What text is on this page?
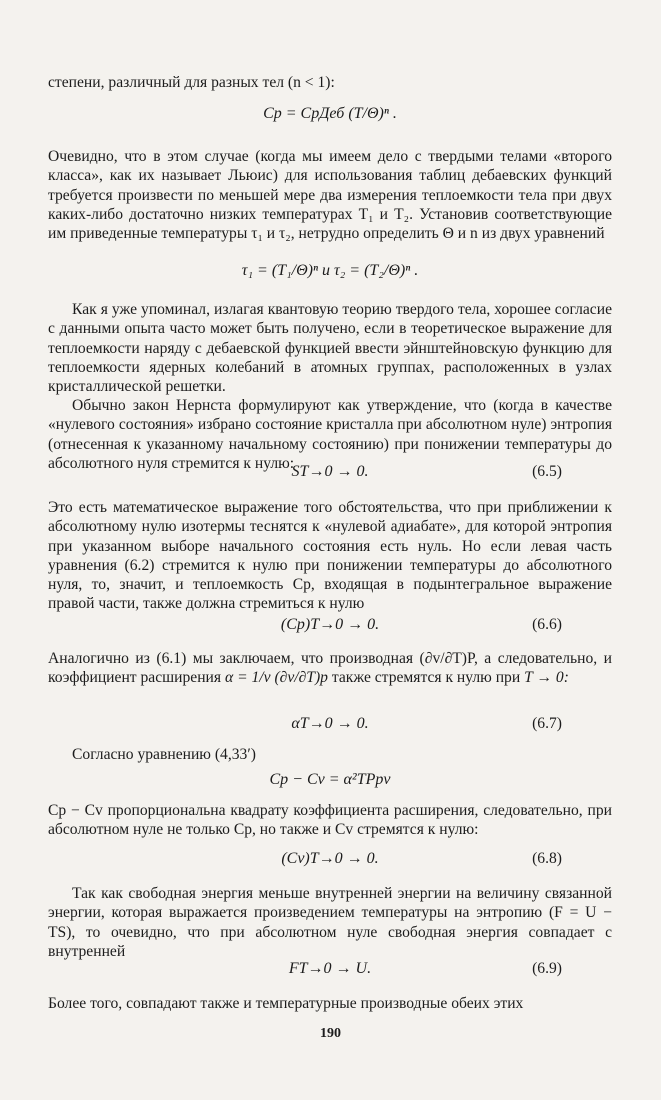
степени, различный для разных тел (n < 1):

Cp = CpДеб (T/Θ)ⁿ .

Очевидно, что в этом случае (когда мы имеем дело с твердыми телами «второго класса», как их называет Льюис) для использования таблиц дебаевских функций требуется произвести по меньшей мере два измерения теплоемкости тела при двух каких-либо достаточно низких температурах T₁ и T₂. Установив соответствующие им приведенные температуры τ₁ и τ₂, нетрудно определить Θ и n из двух уравнений

τ₁ = (T₁/Θ)ⁿ и τ₂ = (T₂/Θ)ⁿ .

Как я уже упоминал, излагая квантовую теорию твердого тела, хорошее согласие с данными опыта часто может быть получено, если в теоретическое выражение для теплоемкости наряду с дебаевской функцией ввести эйнштейновскую функцию для теплоемкости ядерных колебаний в атомных группах, расположенных в узлах кристаллической решетки.

Обычно закон Нернста формулируют как утверждение, что (когда в качестве «нулевого состояния» избрано состояние кристалла при абсолютном нуле) энтропия (отнесенная к указанному начальному состоянию) при понижении температуры до абсолютного нуля стремится к нулю:

ST→0 → 0.	(6.5)

Это есть математическое выражение того обстоятельства, что при приближении к абсолютному нулю изотермы теснятся к «нулевой адиабате», для которой энтропия при указанном выборе начального состояния есть нуль. Но если левая часть уравнения (6.2) стремится к нулю при понижении температуры до абсолютного нуля, то, значит, и теплоемкость Cp, входящая в подынтегральное выражение правой части, также должна стремиться к нулю

(Cp)T→0 → 0.	(6.6)

Аналогично из (6.1) мы заключаем, что производная (∂v/∂T)P, а следовательно, и коэффициент расширения α = 1/v (∂v/∂T)p также стремятся к нулю при T → 0:

αT→0 → 0.	(6.7)

Согласно уравнению (4,33′)

Cp − Cv = α²TPpv

Cp − Cv пропорциональна квадрату коэффициента расширения, следовательно, при абсолютном нуле не только Cp, но также и Cv стремятся к нулю:

(Cv)T→0 → 0.	(6.8)

Так как свободная энергия меньше внутренней энергии на величину связанной энергии, которая выражается произведением температуры на энтропию (F = U − TS), то очевидно, что при абсолютном нуле свободная энергия совпадает с внутренней

FT→0 → U.	(6.9)

Более того, совпадают также и температурные производные обеих этих

190
